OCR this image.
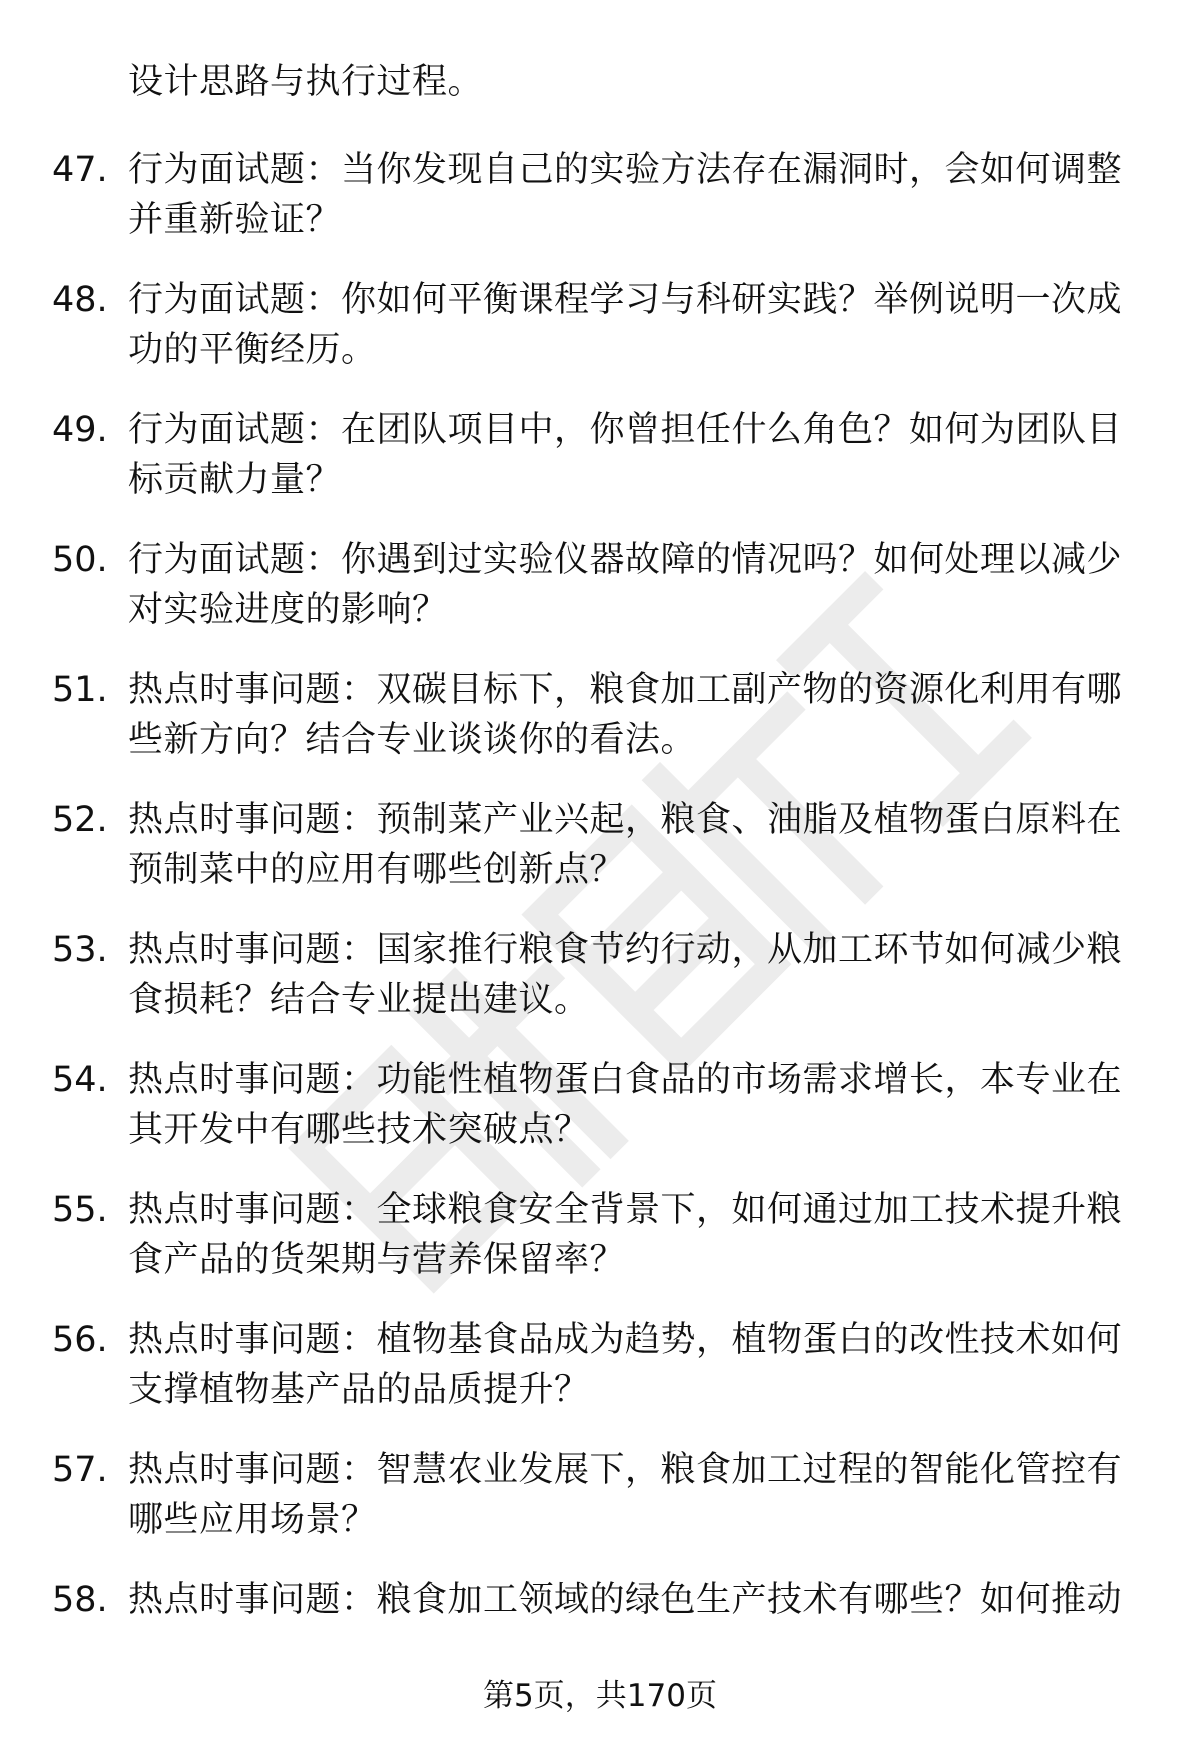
设计思路与执行过程。
47. 行为面试题：当你发现自己的实验方法存在漏洞时，会如何调整并重新验证？
48. 行为面试题：你如何平衡课程学习与科研实践？举例说明一次成功的平衡经历。
49. 行为面试题：在团队项目中，你曾担任什么角色？如何为团队目标贡献力量？
50. 行为面试题：你遇到过实验仪器故障的情况吗？如何处理以减少对实验进度的影响？
51. 热点时事问题：双碳目标下，粮食加工副产物的资源化利用有哪些新方向？结合专业谈谈你的看法。
52. 热点时事问题：预制菜产业兴起，粮食、油脂及植物蛋白原料在预制菜中的应用有哪些创新点？
53. 热点时事问题：国家推行粮食节约行动，从加工环节如何减少粮食损耗？结合专业提出建议。
54. 热点时事问题：功能性植物蛋白食品的市场需求增长，本专业在其开发中有哪些技术突破点？
55. 热点时事问题：全球粮食安全背景下，如何通过加工技术提升粮食产品的货架期与营养保留率？
56. 热点时事问题：植物基食品成为趋势，植物蛋白的改性技术如何支撑植物基产品的品质提升？
57. 热点时事问题：智慧农业发展下，粮食加工过程的智能化管控有哪些应用场景？
58. 热点时事问题：粮食加工领域的绿色生产技术有哪些？如何推动
第5页，共170页
